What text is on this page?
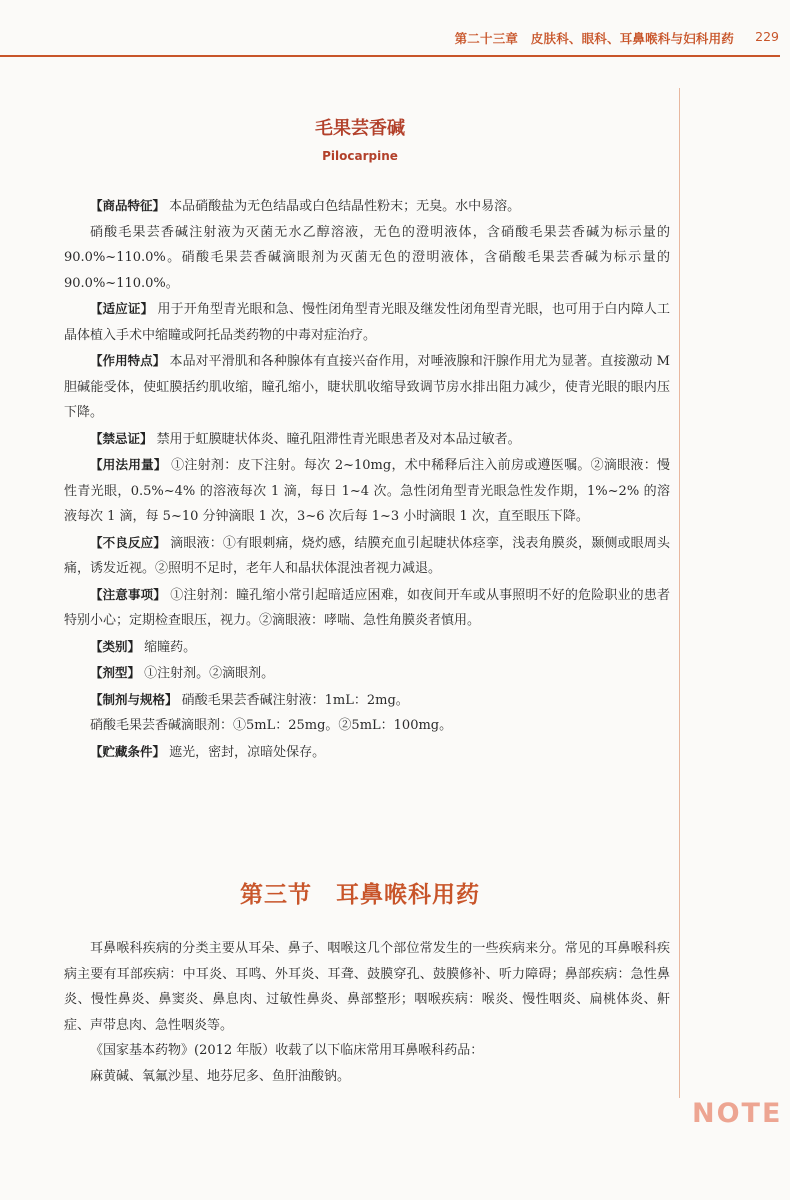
第二十三章　皮肤科、眼科、耳鼻喉科与妇科用药 229
毛果芸香碱
Pilocarpine

【商品特征】 本品硝酸盐为无色结晶或白色结晶性粉末；无臭。水中易溶。

硝酸毛果芸香碱注射液为灭菌无水乙醇溶液，无色的澄明液体，含硝酸毛果芸香碱为标示量的 90.0%~110.0%。硝酸毛果芸香碱滴眼剂为灭菌无色的澄明液体，含硝酸毛果芸香碱为标示量的 90.0%~110.0%。

【适应证】 用于开角型青光眼和急、慢性闭角型青光眼及继发性闭角型青光眼，也可用于白内障人工晶体植入手术中缩瞳或阿托品类药物的中毒对症治疗。

【作用特点】 本品对平滑肌和各种腺体有直接兴奋作用，对唾液腺和汗腺作用尤为显著。直接激动 M 胆碱能受体，使虹膜括约肌收缩，瞳孔缩小，睫状肌收缩导致调节房水排出阻力减少，使青光眼的眼内压下降。

【禁忌证】 禁用于虹膜睫状体炎、瞳孔阻滞性青光眼患者及对本品过敏者。

【用法用量】 ①注射剂：皮下注射。每次 2~10mg，术中稀释后注入前房或遵医嘱。②滴眼液：慢性青光眼，0.5%~4% 的溶液每次 1 滴，每日 1~4 次。急性闭角型青光眼急性发作期，1%~2% 的溶液每次 1 滴，每 5~10 分钟滴眼 1 次，3~6 次后每 1~3 小时滴眼 1 次，直至眼压下降。

【不良反应】 滴眼液：①有眼刺痛，烧灼感，结膜充血引起睫状体痉挛，浅表角膜炎，颞侧或眼周头痛，诱发近视。②照明不足时，老年人和晶状体混浊者视力减退。

【注意事项】 ①注射剂：瞳孔缩小常引起暗适应困难，如夜间开车或从事照明不好的危险职业的患者特别小心；定期检查眼压，视力。②滴眼液：哮喘、急性角膜炎者慎用。

【类别】 缩瞳药。

【剂型】 ①注射剂。②滴眼剂。

【制剂与规格】 硝酸毛果芸香碱注射液：1mL：2mg。

硝酸毛果芸香碱滴眼剂：①5mL：25mg。②5mL：100mg。

【贮藏条件】 遮光，密封，凉暗处保存。

第三节　耳鼻喉科用药

耳鼻喉科疾病的分类主要从耳朵、鼻子、咽喉这几个部位常发生的一些疾病来分。常见的耳鼻喉科疾病主要有耳部疾病：中耳炎、耳鸣、外耳炎、耳聋、鼓膜穿孔、鼓膜修补、听力障碍；鼻部疾病：急性鼻炎、慢性鼻炎、鼻窦炎、鼻息肉、过敏性鼻炎、鼻部整形；咽喉疾病：喉炎、慢性咽炎、扁桃体炎、鼾症、声带息肉、急性咽炎等。

《国家基本药物》(2012 年版）收载了以下临床常用耳鼻喉科药品：

麻黄碱、氧氟沙星、地芬尼多、鱼肝油酸钠。

NOTE
